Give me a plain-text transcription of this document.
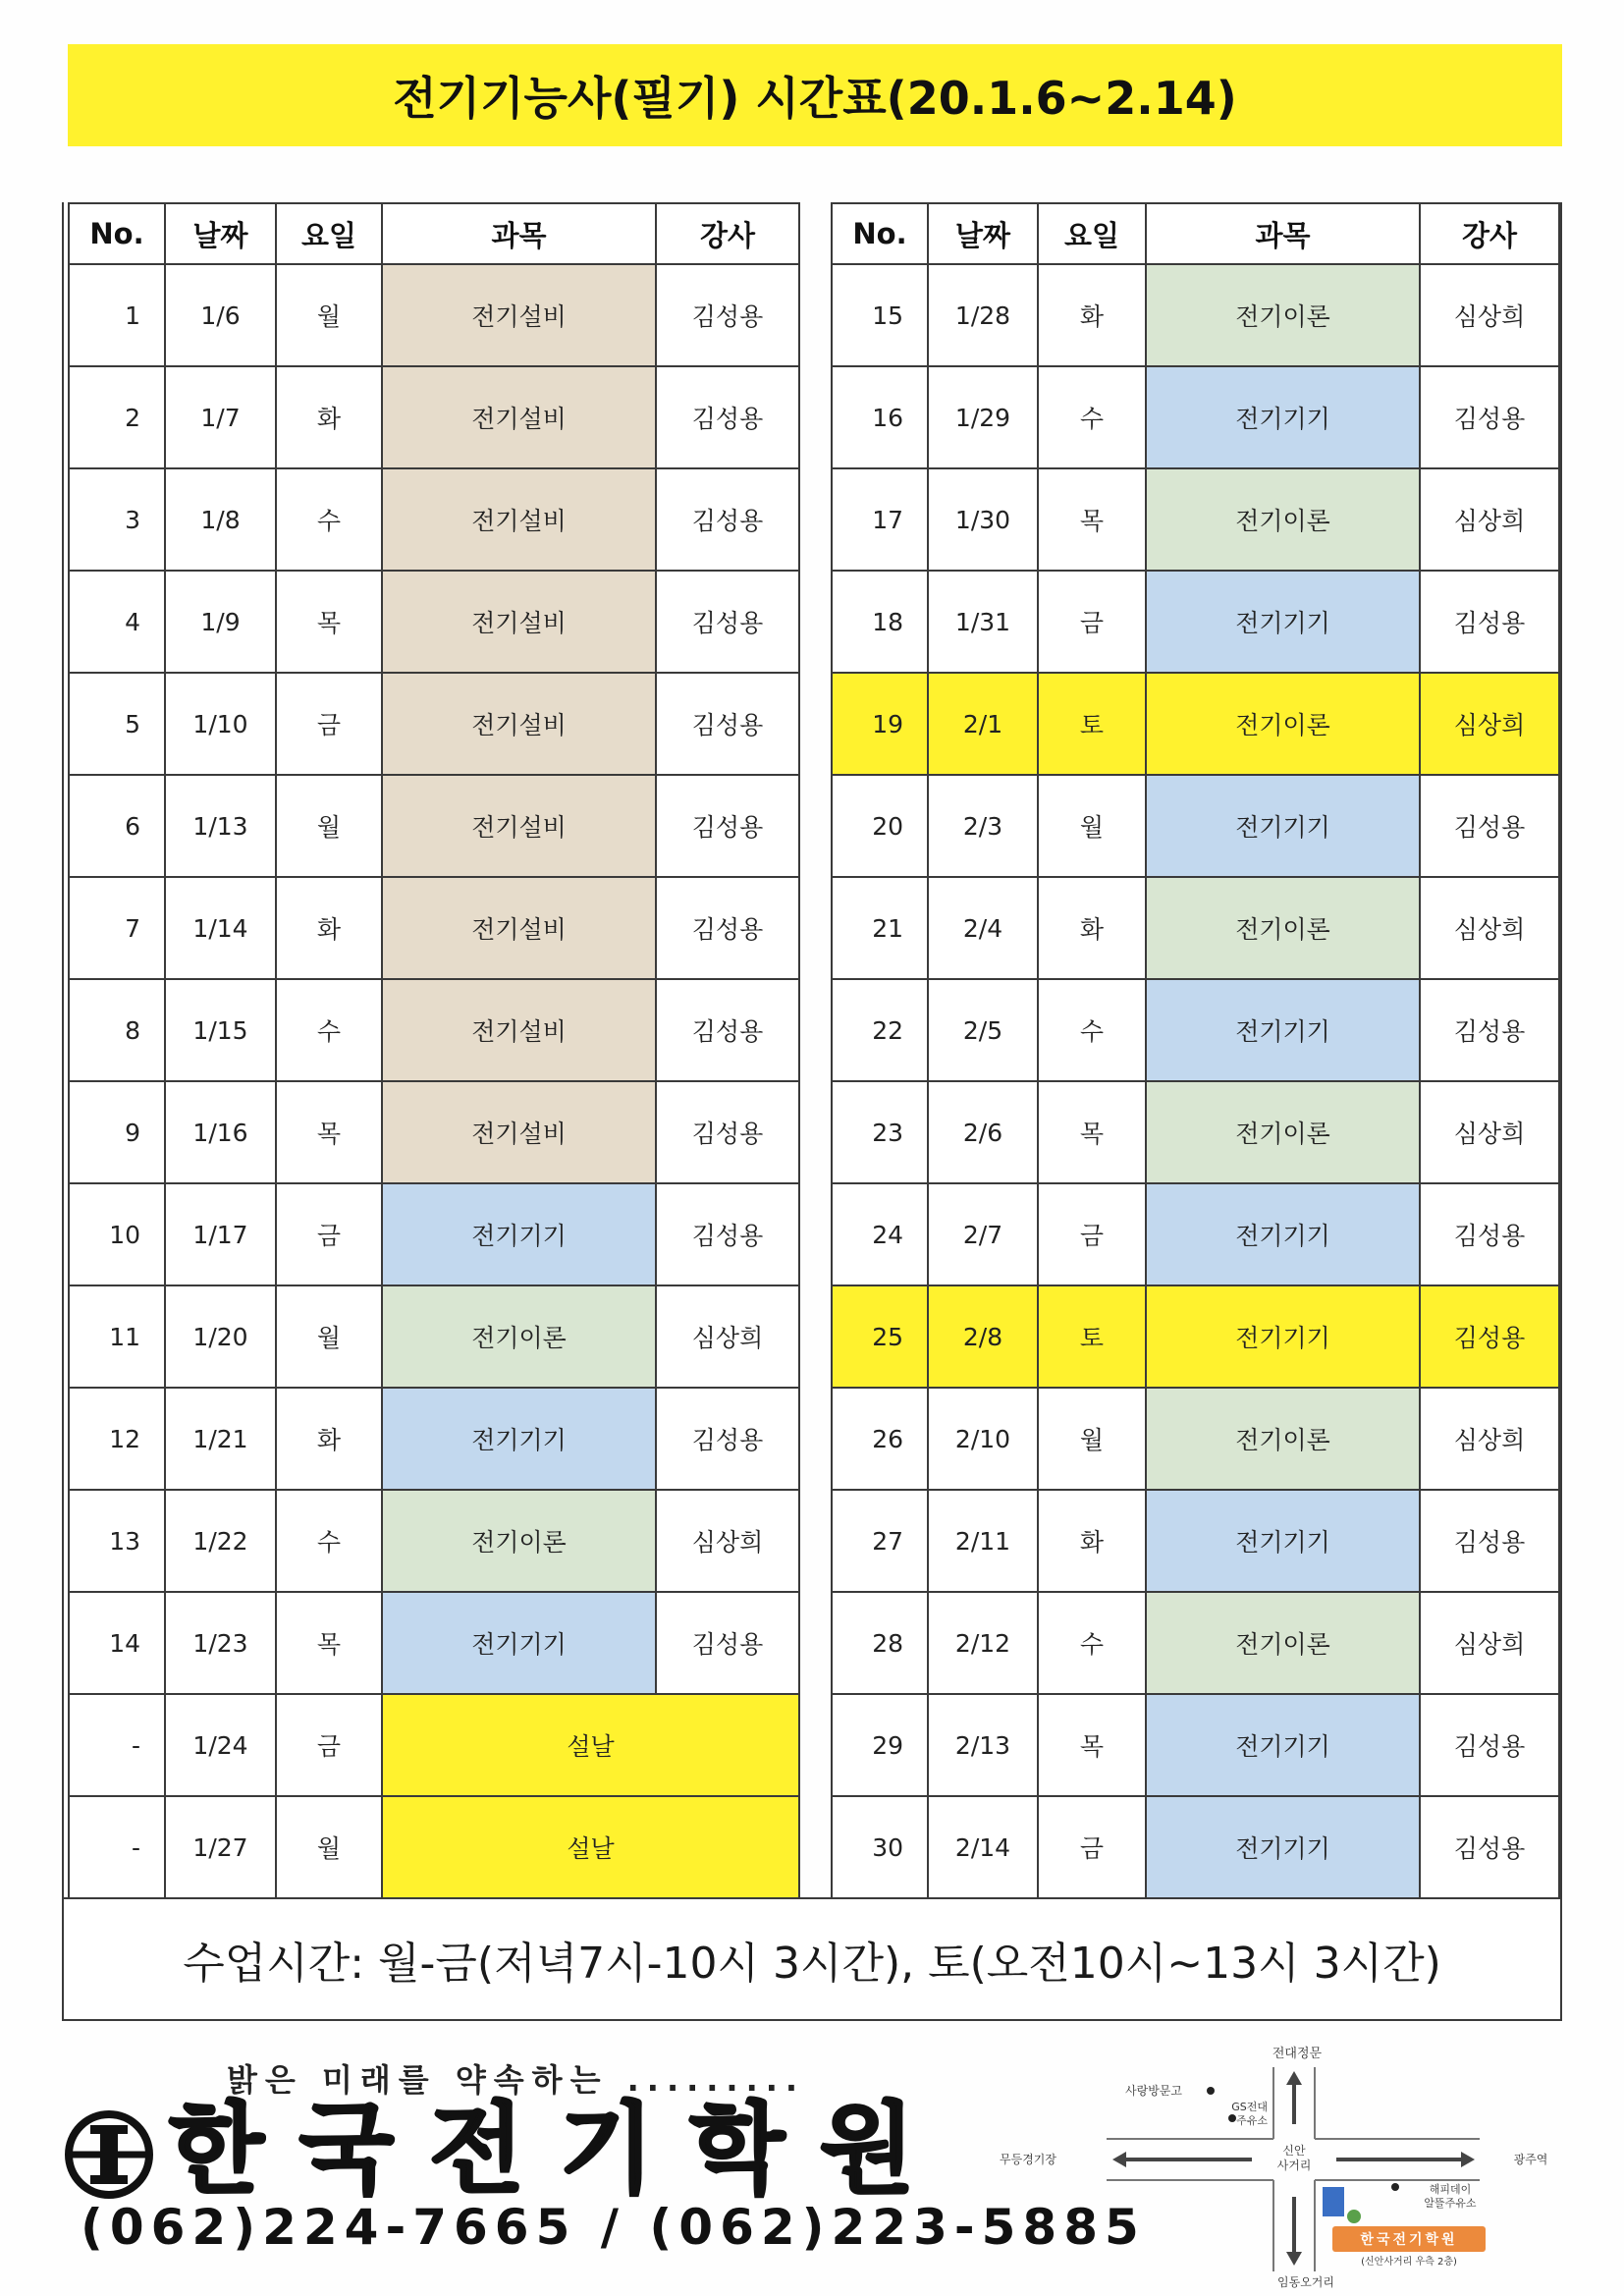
전기기능사(필기) 시간표(20.1.6~2.14)
No.	날짜	요일	과목	강사
1	1/6	월	전기설비	김성용
2	1/7	화	전기설비	김성용
3	1/8	수	전기설비	김성용
4	1/9	목	전기설비	김성용
5	1/10	금	전기설비	김성용
6	1/13	월	전기설비	김성용
7	1/14	화	전기설비	김성용
8	1/15	수	전기설비	김성용
9	1/16	목	전기설비	김성용
10	1/17	금	전기기기	김성용
11	1/20	월	전기이론	심상희
12	1/21	화	전기기기	김성용
13	1/22	수	전기이론	심상희
14	1/23	목	전기기기	김성용
-	1/24	금	설날	
-	1/27	월	설날	
No.	날짜	요일	과목	강사
15	1/28	화	전기이론	심상희
16	1/29	수	전기기기	김성용
17	1/30	목	전기이론	심상희
18	1/31	금	전기기기	김성용
19	2/1	토	전기이론	심상희
20	2/3	월	전기기기	김성용
21	2/4	화	전기이론	심상희
22	2/5	수	전기기기	김성용
23	2/6	목	전기이론	심상희
24	2/7	금	전기기기	김성용
25	2/8	토	전기기기	김성용
26	2/10	월	전기이론	심상희
27	2/11	화	전기기기	김성용
28	2/12	수	전기이론	심상희
29	2/13	목	전기기기	김성용
30	2/14	금	전기기기	김성용
수업시간: 월-금(저녁7시-10시 3시간), 토(오전10시~13시 3시간)
밝은 미래를 약속하는 .........
한국전기학원
(062)224-7665 / (062)223-5885
전대정문
사랑방문고
GS전대
주유소
무등경기장
신안
사거리	광주역
해피데이
알뜰주유소
한국전기학원
(신안사거리 우측 2층)
임동오거리
